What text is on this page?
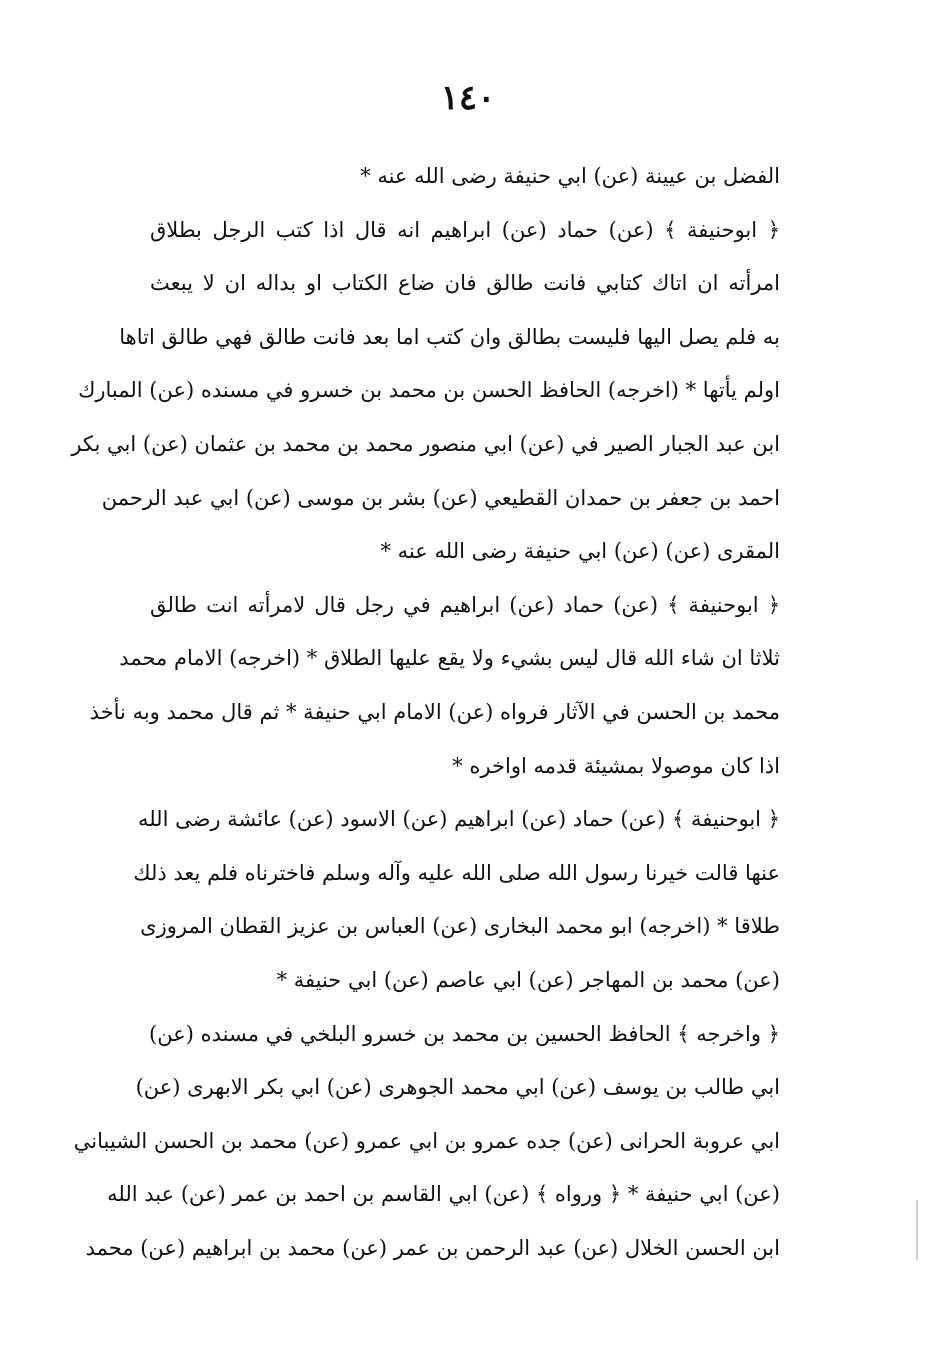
١٤٠
الفضل بن عيينة (عن) ابي حنيفة رضى الله عنه *
﴿ ابوحنيفة ﴾ (عن) حماد (عن) ابراهيم انه قال اذا كتب الرجل بطلاق
امرأته ان اتاك كتابي فانت طالق فان ضاع الكتاب او بداله ان لا يبعث
به فلم يصل اليها فليست بطالق وان كتب اما بعد فانت طالق فهي طالق اتاها
اولم يأتها * (اخرجه) الحافظ الحسن بن محمد بن خسرو في مسنده (عن) المبارك
ابن عبد الجبار الصير في (عن) ابي منصور محمد بن محمد بن عثمان (عن) ابي بكر
احمد بن جعفر بن حمدان القطيعي (عن) بشر بن موسى (عن) ابي عبد الرحمن
المقرى (عن) (عن) ابي حنيفة رضى الله عنه *
﴿ ابوحنيفة ﴾ (عن) حماد (عن) ابراهيم في رجل قال لامرأته انت طالق
ثلاثا ان شاء الله قال ليس بشيء ولا يقع عليها الطلاق * (اخرجه) الامام محمد
محمد بن الحسن في الآثار فرواه (عن) الامام ابي حنيفة * ثم قال محمد وبه نأخذ
اذا كان موصولا بمشيئة قدمه اواخره *
﴿ ابوحنيفة ﴾ (عن) حماد (عن) ابراهيم (عن) الاسود (عن) عائشة رضى الله
عنها قالت خيرنا رسول الله صلى الله عليه وآله وسلم فاخترناه فلم يعد ذلك
طلاقا * (اخرجه) ابو محمد البخارى (عن) العباس بن عزيز القطان المروزى
(عن) محمد بن المهاجر (عن) ابي عاصم (عن) ابي حنيفة *
﴿ واخرجه ﴾ الحافظ الحسين بن محمد بن خسرو البلخي في مسنده (عن)
ابي طالب بن يوسف (عن) ابي محمد الجوهرى (عن) ابي بكر الابهرى (عن)
ابي عروبة الحرانى (عن) جده عمرو بن ابي عمرو (عن) محمد بن الحسن الشيباني
(عن) ابي حنيفة * ﴿ ورواه ﴾ (عن) ابي القاسم بن احمد بن عمر (عن) عبد الله
ابن الحسن الخلال (عن) عبد الرحمن بن عمر (عن) محمد بن ابراهيم (عن) محمد
